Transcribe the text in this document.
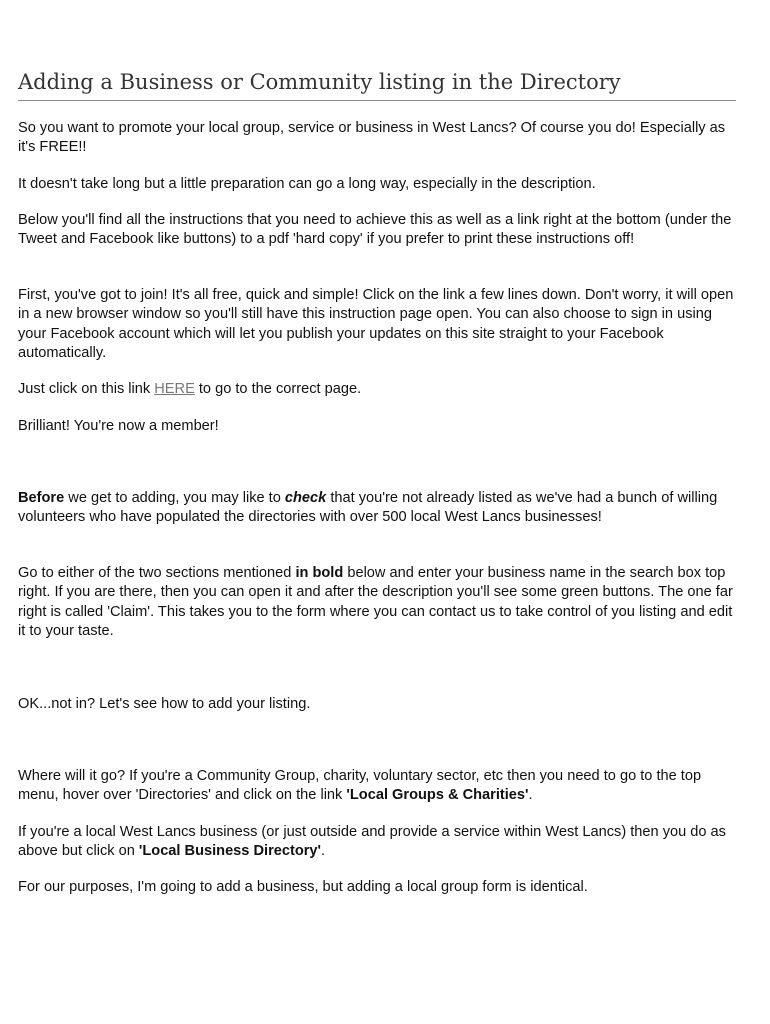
Adding a Business or Community listing in the Directory

So you want to promote your local group, service or business in West Lancs? Of course you do! Especially as it's FREE!!

It doesn't take long but a little preparation can go a long way, especially in the description.

Below you'll find all the instructions that you need to achieve this as well as a link right at the bottom (under the Tweet and Facebook like buttons) to a pdf 'hard copy' if you prefer to print these instructions off!

First, you've got to join! It's all free, quick and simple! Click on the link a few lines down. Don't worry, it will open in a new browser window so you'll still have this instruction page open. You can also choose to sign in using your Facebook account which will let you publish your updates on this site straight to your Facebook automatically.

Just click on this link HERE to go to the correct page.

Brilliant! You're now a member!

Before we get to adding, you may like to check that you're not already listed as we've had a bunch of willing volunteers who have populated the directories with over 500 local West Lancs businesses!

Go to either of the two sections mentioned in bold below and enter your business name in the search box top right. If you are there, then you can open it and after the description you'll see some green buttons. The one far right is called 'Claim'. This takes you to the form where you can contact us to take control of you listing and edit it to your taste.

OK...not in? Let's see how to add your listing.

Where will it go? If you're a Community Group, charity, voluntary sector, etc then you need to go to the top menu, hover over 'Directories' and click on the link 'Local Groups & Charities'.

If you're a local West Lancs business (or just outside and provide a service within West Lancs) then you do as above but click on 'Local Business Directory'.

For our purposes, I'm going to add a business, but adding a local group form is identical.
